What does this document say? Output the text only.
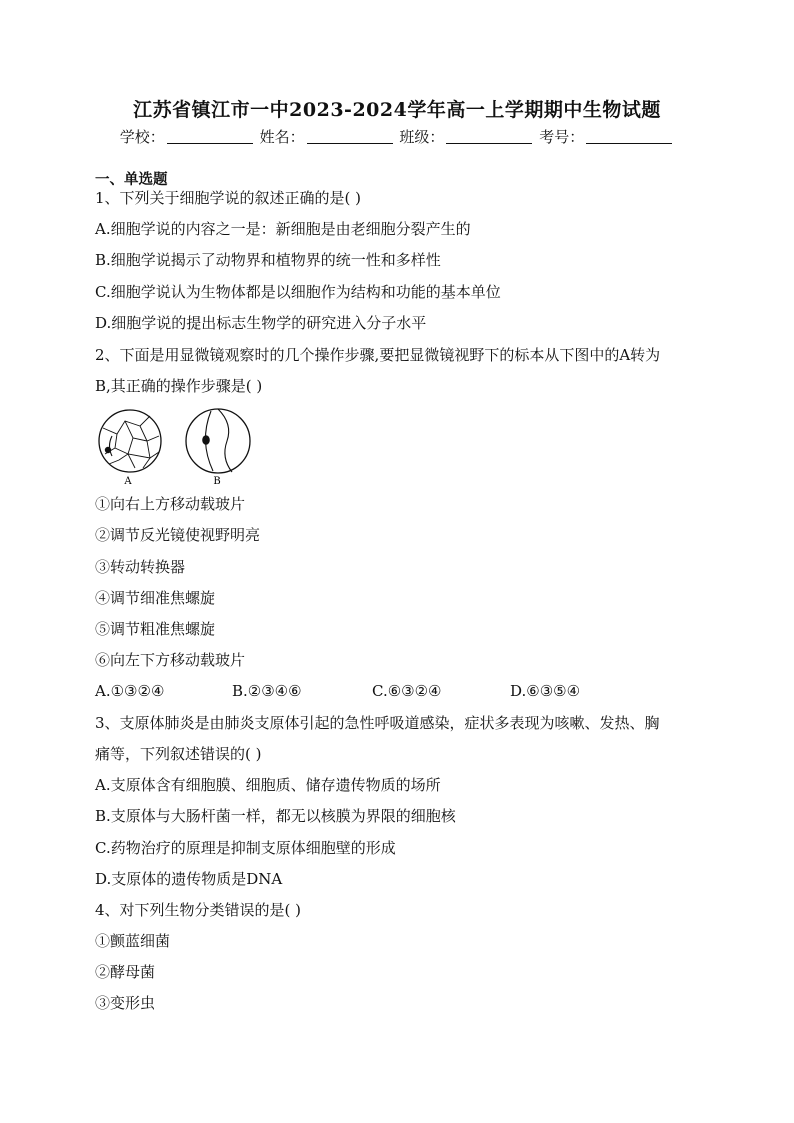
江苏省镇江市一中2023-2024学年高一上学期期中生物试题
学校：	姓名：	班级：	考号：
一、单选题
1、下列关于细胞学说的叙述正确的是( )
A.细胞学说的内容之一是：新细胞是由老细胞分裂产生的
B.细胞学说揭示了动物界和植物界的统一性和多样性
C.细胞学说认为生物体都是以细胞作为结构和功能的基本单位
D.细胞学说的提出标志生物学的研究进入分子水平
2、下面是用显微镜观察时的几个操作步骤,要把显微镜视野下的标本从下图中的A转为
B,其正确的操作步骤是( )
A	B
①向右上方移动载玻片
②调节反光镜使视野明亮
③转动转换器
④调节细准焦螺旋
⑤调节粗准焦螺旋
⑥向左下方移动载玻片
A.①③②④	B.②③④⑥	C.⑥③②④	D.⑥③⑤④
3、支原体肺炎是由肺炎支原体引起的急性呼吸道感染，症状多表现为咳嗽、发热、胸
痛等，下列叙述错误的( )
A.支原体含有细胞膜、细胞质、储存遗传物质的场所
B.支原体与大肠杆菌一样，都无以核膜为界限的细胞核
C.药物治疗的原理是抑制支原体细胞壁的形成
D.支原体的遗传物质是DNA
4、对下列生物分类错误的是( )
①颤蓝细菌
②酵母菌
③变形虫
